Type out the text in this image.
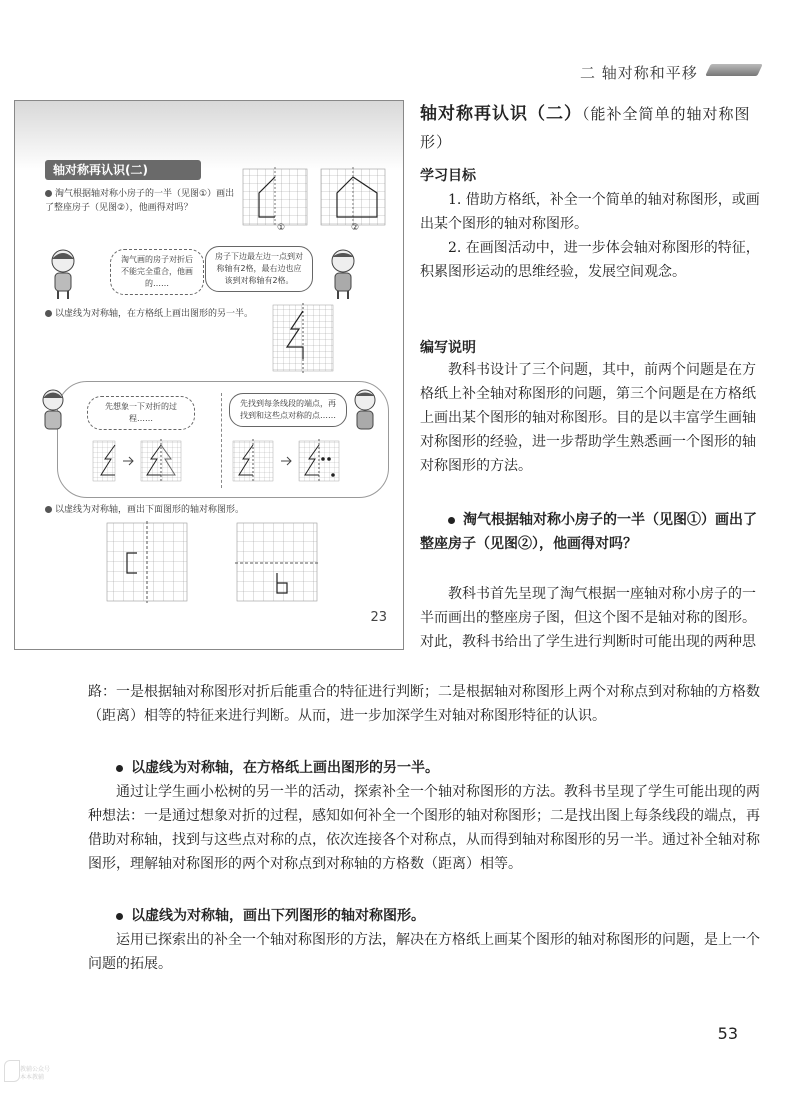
二 轴对称和平移
轴对称再认识(二)
淘气根据轴对称小房子的一半（见图①）画出了整座房子（见图②），他画得对吗？
①	②
淘气画的房子对折后不能完全重合，他画的……
房子下边最左边一点到对称轴有2格，最右边也应该到对称轴有2格。
以虚线为对称轴，在方格纸上画出图形的另一半。
先想象一下对折的过程……
先找到每条线段的端点，再找到和这些点对称的点……
以虚线为对称轴，画出下面图形的轴对称图形。
23
轴对称再认识（二）（能补全简单的轴对称图形）
学习目标
1. 借助方格纸，补全一个简单的轴对称图形，或画出某个图形的轴对称图形。
2. 在画图活动中，进一步体会轴对称图形的特征，积累图形运动的思维经验，发展空间观念。
编写说明
教科书设计了三个问题，其中，前两个问题是在方格纸上补全轴对称图形的问题，第三个问题是在方格纸上画出某个图形的轴对称图形。目的是以丰富学生画轴对称图形的经验，进一步帮助学生熟悉画一个图形的轴对称图形的方法。
淘气根据轴对称小房子的一半（见图①）画出了整座房子（见图②），他画得对吗？
教科书首先呈现了淘气根据一座轴对称小房子的一半而画出的整座房子图，但这个图不是轴对称的图形。对此，教科书给出了学生进行判断时可能出现的两种思
路：一是根据轴对称图形对折后能重合的特征进行判断；二是根据轴对称图形上两个对称点到对称轴的方格数（距离）相等的特征来进行判断。从而，进一步加深学生对轴对称图形特征的认识。
以虚线为对称轴，在方格纸上画出图形的另一半。
通过让学生画小松树的另一半的活动，探索补全一个轴对称图形的方法。教科书呈现了学生可能出现的两种想法：一是通过想象对折的过程，感知如何补全一个图形的轴对称图形；二是找出图上每条线段的端点，再借助对称轴，找到与这些点对称的点，依次连接各个对称点，从而得到轴对称图形的另一半。通过补全轴对称图形，理解轴对称图形的两个对称点到对称轴的方格数（距离）相等。
以虚线为对称轴，画出下列图形的轴对称图形。
运用已探索出的补全一个轴对称图形的方法，解决在方格纸上画某个图形的轴对称图形的问题，是上一个问题的拓展。
53
教辅公众号
本本教辅
